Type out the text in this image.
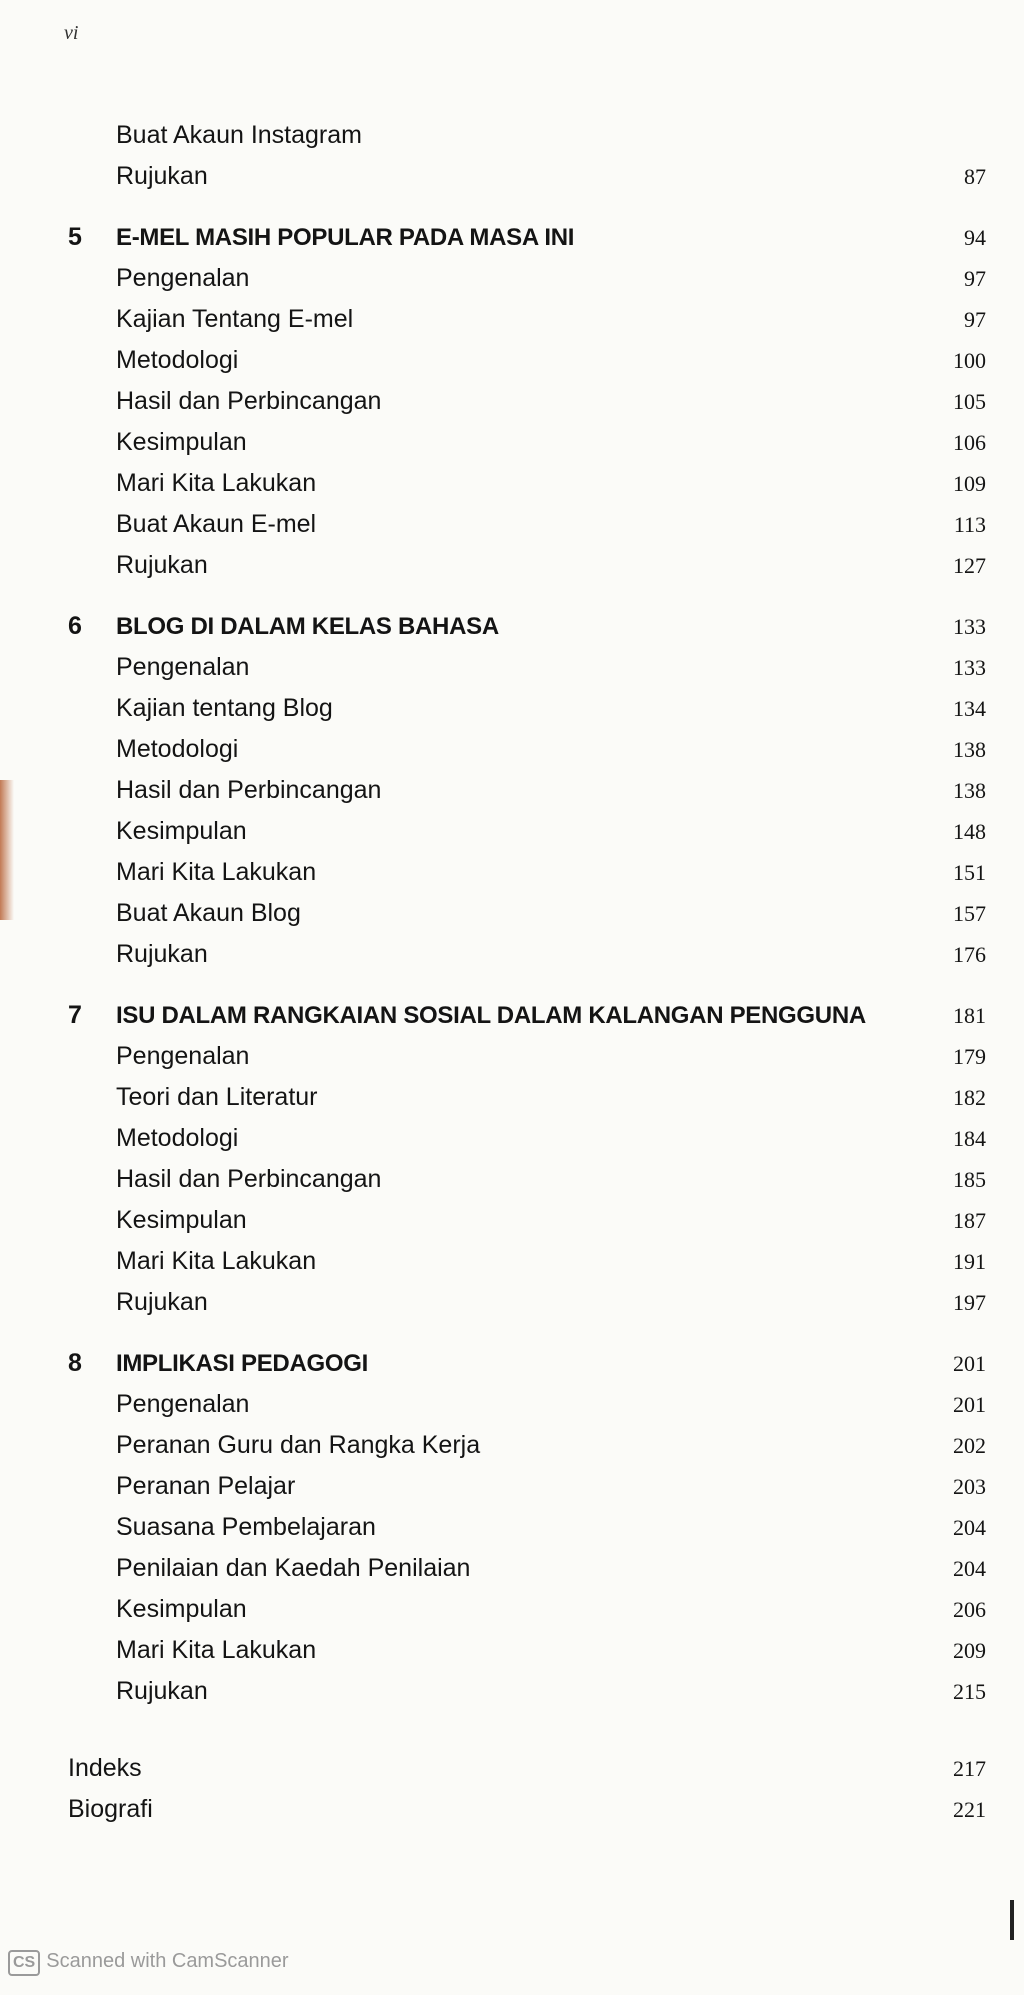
vi
Buat Akaun Instagram
Rujukan	87
5 E-MEL MASIH POPULAR PADA MASA INI	94
Pengenalan	97
Kajian Tentang E-mel	97
Metodologi	100
Hasil dan Perbincangan	105
Kesimpulan	106
Mari Kita Lakukan	109
Buat Akaun E-mel	113
Rujukan	127
6 BLOG DI DALAM KELAS BAHASA	133
Pengenalan	133
Kajian tentang Blog	134
Metodologi	138
Hasil dan Perbincangan	138
Kesimpulan	148
Mari Kita Lakukan	151
Buat Akaun Blog	157
Rujukan	176
7 ISU DALAM RANGKAIAN SOSIAL DALAM KALANGAN PENGGUNA	181
Pengenalan	179
Teori dan Literatur	182
Metodologi	184
Hasil dan Perbincangan	185
Kesimpulan	187
Mari Kita Lakukan	191
Rujukan	197
8 IMPLIKASI PEDAGOGI	201
Pengenalan	201
Peranan Guru dan Rangka Kerja	202
Peranan Pelajar	203
Suasana Pembelajaran	204
Penilaian dan Kaedah Penilaian	204
Kesimpulan	206
Mari Kita Lakukan	209
Rujukan	215
Indeks	217
Biografi	221
CS Scanned with CamScanner
